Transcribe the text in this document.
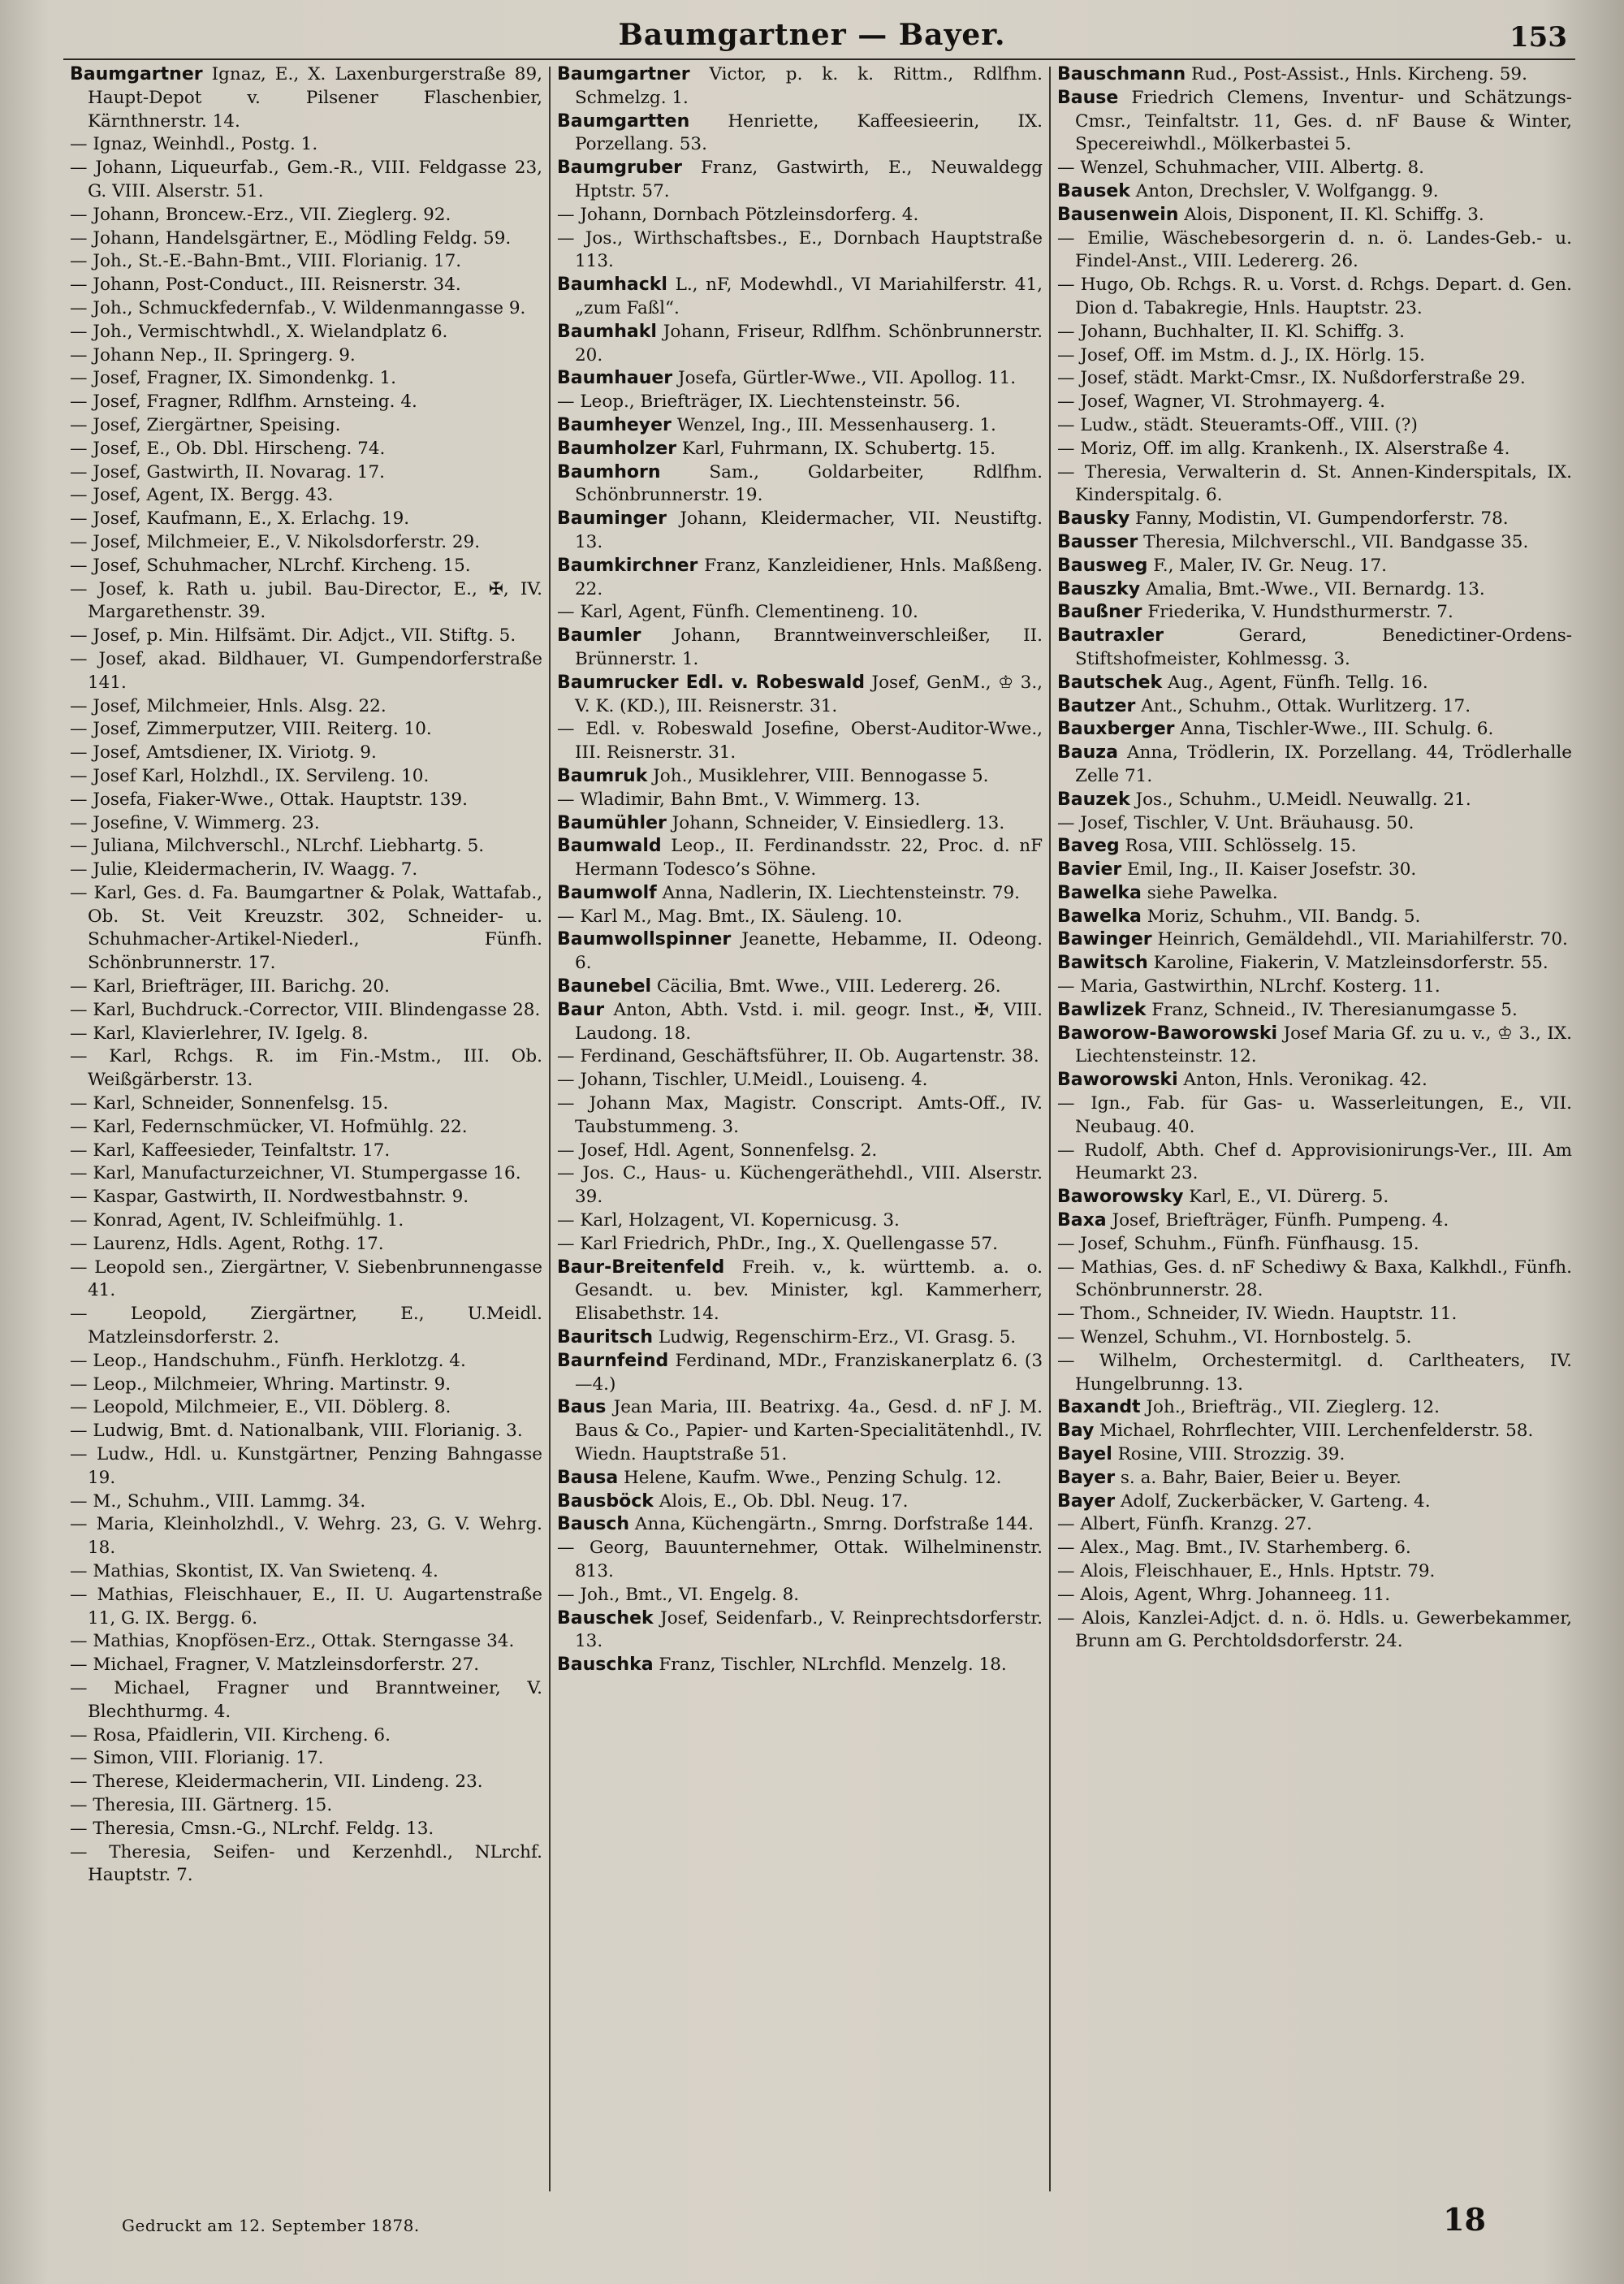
Baumgartner — Bayer.	153
Baumgartner Ignaz, E., X. Laxenburgerstraße 89, Haupt-Depot v. Pilsener Flaschenbier, Kärnthnerstr. 14.
— Ignaz, Weinhdl., Postg. 1.
— Johann, Liqueurfab., Gem.-R., VIII. Feldgasse 23, G. VIII. Alserstr. 51.
— Johann, Broncew.-Erz., VII. Zieglerg. 92.
— Johann, Handelsgärtner, E., Mödling Feldg. 59.
— Joh., St.-E.-Bahn-Bmt., VIII. Florianig. 17.
— Johann, Post-Conduct., III. Reisnerstr. 34.
— Joh., Schmuckfedernfab., V. Wildenmanngasse 9.
— Joh., Vermischtwhdl., X. Wielandplatz 6.
— Johann Nep., II. Springerg. 9.
— Josef, Fragner, IX. Simondenkg. 1.
— Josef, Fragner, Rdlfhm. Arnsteing. 4.
— Josef, Ziergärtner, Speising.
— Josef, E., Ob. Dbl. Hirscheng. 74.
— Josef, Gastwirth, II. Novarag. 17.
— Josef, Agent, IX. Bergg. 43.
— Josef, Kaufmann, E., X. Erlachg. 19.
— Josef, Milchmeier, E., V. Nikolsdorferstr. 29.
— Josef, Schuhmacher, NLrchf. Kircheng. 15.
— Josef, k. Rath u. jubil. Bau-Director, E., ✠, IV. Margarethenstr. 39.
— Josef, p. Min. Hilfsämt. Dir. Adjct., VII. Stiftg. 5.
— Josef, akad. Bildhauer, VI. Gumpendorferstraße 141.
— Josef, Milchmeier, Hnls. Alsg. 22.
— Josef, Zimmerputzer, VIII. Reiterg. 10.
— Josef, Amtsdiener, IX. Viriotg. 9.
— Josef Karl, Holzhdl., IX. Servileng. 10.
— Josefa, Fiaker-Wwe., Ottak. Hauptstr. 139.
— Josefine, V. Wimmerg. 23.
— Juliana, Milchverschl., NLrchf. Liebhartg. 5.
— Julie, Kleidermacherin, IV. Waagg. 7.
— Karl, Ges. d. Fa. Baumgartner & Polak, Wattafab., Ob. St. Veit Kreuzstr. 302, Schneider- u. Schuhmacher-Artikel-Niederl., Fünfh. Schönbrunnerstr. 17.
— Karl, Briefträger, III. Barichg. 20.
— Karl, Buchdruck.-Corrector, VIII. Blindengasse 28.
— Karl, Klavierlehrer, IV. Igelg. 8.
— Karl, Rchgs. R. im Fin.-Mstm., III. Ob. Weißgärberstr. 13.
— Karl, Schneider, Sonnenfelsg. 15.
— Karl, Federnschmücker, VI. Hofmühlg. 22.
— Karl, Kaffeesieder, Teinfaltstr. 17.
— Karl, Manufacturzeichner, VI. Stumpergasse 16.
— Kaspar, Gastwirth, II. Nordwestbahnstr. 9.
— Konrad, Agent, IV. Schleifmühlg. 1.
— Laurenz, Hdls. Agent, Rothg. 17.
— Leopold sen., Ziergärtner, V. Siebenbrunnengasse 41.
— Leopold, Ziergärtner, E., U.Meidl. Matzleinsdorferstr. 2.
— Leop., Handschuhm., Fünfh. Herklotzg. 4.
— Leop., Milchmeier, Whring. Martinstr. 9.
— Leopold, Milchmeier, E., VII. Döblerg. 8.
— Ludwig, Bmt. d. Nationalbank, VIII. Florianig. 3.
— Ludw., Hdl. u. Kunstgärtner, Penzing Bahngasse 19.
— M., Schuhm., VIII. Lammg. 34.
— Maria, Kleinholzhdl., V. Wehrg. 23, G. V. Wehrg. 18.
— Mathias, Skontist, IX. Van Swietenq. 4.
— Mathias, Fleischhauer, E., II. U. Augartenstraße 11, G. IX. Bergg. 6.
— Mathias, Knopfösen-Erz., Ottak. Sterngasse 34.
— Michael, Fragner, V. Matzleinsdorferstr. 27.
— Michael, Fragner und Branntweiner, V. Blechthurmg. 4.
— Rosa, Pfaidlerin, VII. Kircheng. 6.
— Simon, VIII. Florianig. 17.
— Therese, Kleidermacherin, VII. Lindeng. 23.
— Theresia, III. Gärtnerg. 15.
— Theresia, Cmsn.-G., NLrchf. Feldg. 13.
— Theresia, Seifen- und Kerzenhdl., NLrchf. Hauptstr. 7.
Baumgartner Victor, p. k. k. Rittm., Rdlfhm. Schmelzg. 1.
Baumgartten Henriette, Kaffeesieerin, IX. Porzellang. 53.
Baumgruber Franz, Gastwirth, E., Neuwaldegg Hptstr. 57.
— Johann, Dornbach Pötzleinsdorferg. 4.
— Jos., Wirthschaftsbes., E., Dornbach Hauptstraße 113.
Baumhackl L., nF, Modewhdl., VI Mariahilferstr. 41, „zum Faßl“.
Baumhakl Johann, Friseur, Rdlfhm. Schönbrunnerstr. 20.
Baumhauer Josefa, Gürtler-Wwe., VII. Apollog. 11.
— Leop., Briefträger, IX. Liechtensteinstr. 56.
Baumheyer Wenzel, Ing., III. Messenhauserg. 1.
Baumholzer Karl, Fuhrmann, IX. Schubertg. 15.
Baumhorn Sam., Goldarbeiter, Rdlfhm. Schönbrunnerstr. 19.
Bauminger Johann, Kleidermacher, VII. Neustiftg. 13.
Baumkirchner Franz, Kanzleidiener, Hnls. Maßßeng. 22.
— Karl, Agent, Fünfh. Clementineng. 10.
Baumler Johann, Branntweinverschleißer, II. Brünnerstr. 1.
Baumrucker Edl. v. Robeswald Josef, GenM., ♔ 3., V. K. (KD.), III. Reisnerstr. 31.
— Edl. v. Robeswald Josefine, Oberst-Auditor-Wwe., III. Reisnerstr. 31.
Baumruk Joh., Musiklehrer, VIII. Bennogasse 5.
— Wladimir, Bahn Bmt., V. Wimmerg. 13.
Baumühler Johann, Schneider, V. Einsiedlerg. 13.
Baumwald Leop., II. Ferdinandsstr. 22, Proc. d. nF Hermann Todesco’s Söhne.
Baumwolf Anna, Nadlerin, IX. Liechtensteinstr. 79.
— Karl M., Mag. Bmt., IX. Säuleng. 10.
Baumwollspinner Jeanette, Hebamme, II. Odeong. 6.
Baunebel Cäcilia, Bmt. Wwe., VIII. Ledererg. 26.
Baur Anton, Abth. Vstd. i. mil. geogr. Inst., ✠, VIII. Laudong. 18.
— Ferdinand, Geschäftsführer, II. Ob. Augartenstr. 38.
— Johann, Tischler, U.Meidl., Louiseng. 4.
— Johann Max, Magistr. Conscript. Amts-Off., IV. Taubstummeng. 3.
— Josef, Hdl. Agent, Sonnenfelsg. 2.
— Jos. C., Haus- u. Küchengeräthehdl., VIII. Alserstr. 39.
— Karl, Holzagent, VI. Kopernicusg. 3.
— Karl Friedrich, PhDr., Ing., X. Quellengasse 57.
Baur-Breitenfeld Freih. v., k. württemb. a. o. Gesandt. u. bev. Minister, kgl. Kammerherr, Elisabethstr. 14.
Bauritsch Ludwig, Regenschirm-Erz., VI. Grasg. 5.
Baurnfeind Ferdinand, MDr., Franziskanerplatz 6. (3—4.)
Baus Jean Maria, III. Beatrixg. 4a., Gesd. d. nF J. M. Baus & Co., Papier- und Karten-Specialitätenhdl., IV. Wiedn. Hauptstraße 51.
Bausa Helene, Kaufm. Wwe., Penzing Schulg. 12.
Bausböck Alois, E., Ob. Dbl. Neug. 17.
Bausch Anna, Küchengärtn., Smrng. Dorfstraße 144.
— Georg, Bauunternehmer, Ottak. Wilhelminenstr. 813.
— Joh., Bmt., VI. Engelg. 8.
Bauschek Josef, Seidenfarb., V. Reinprechtsdorferstr. 13.
Bauschka Franz, Tischler, NLrchfld. Menzelg. 18.
Bauschmann Rud., Post-Assist., Hnls. Kircheng. 59.
Bause Friedrich Clemens, Inventur- und Schätzungs-Cmsr., Teinfaltstr. 11, Ges. d. nF Bause & Winter, Specereiwhdl., Mölkerbastei 5.
— Wenzel, Schuhmacher, VIII. Albertg. 8.
Bausek Anton, Drechsler, V. Wolfgangg. 9.
Bausenwein Alois, Disponent, II. Kl. Schiffg. 3.
— Emilie, Wäschebesorgerin d. n. ö. Landes-Geb.- u. Findel-Anst., VIII. Ledererg. 26.
— Hugo, Ob. Rchgs. R. u. Vorst. d. Rchgs. Depart. d. Gen. Dion d. Tabakregie, Hnls. Hauptstr. 23.
— Johann, Buchhalter, II. Kl. Schiffg. 3.
— Josef, Off. im Mstm. d. J., IX. Hörlg. 15.
— Josef, städt. Markt-Cmsr., IX. Nußdorferstraße 29.
— Josef, Wagner, VI. Strohmayerg. 4.
— Ludw., städt. Steueramts-Off., VIII. (?)
— Moriz, Off. im allg. Krankenh., IX. Alserstraße 4.
— Theresia, Verwalterin d. St. Annen-Kinderspitals, IX. Kinderspitalg. 6.
Bausky Fanny, Modistin, VI. Gumpendorferstr. 78.
Bausser Theresia, Milchverschl., VII. Bandgasse 35.
Bausweg F., Maler, IV. Gr. Neug. 17.
Bauszky Amalia, Bmt.-Wwe., VII. Bernardg. 13.
Baußner Friederika, V. Hundsthurmerstr. 7.
Bautraxler Gerard, Benedictiner-Ordens-Stiftshofmeister, Kohlmessg. 3.
Bautschek Aug., Agent, Fünfh. Tellg. 16.
Bautzer Ant., Schuhm., Ottak. Wurlitzerg. 17.
Bauxberger Anna, Tischler-Wwe., III. Schulg. 6.
Bauza Anna, Trödlerin, IX. Porzellang. 44, Trödlerhalle Zelle 71.
Bauzek Jos., Schuhm., U.Meidl. Neuwallg. 21.
— Josef, Tischler, V. Unt. Bräuhausg. 50.
Baveg Rosa, VIII. Schlösselg. 15.
Bavier Emil, Ing., II. Kaiser Josefstr. 30.
Bawelka siehe Pawelka.
Bawelka Moriz, Schuhm., VII. Bandg. 5.
Bawinger Heinrich, Gemäldehdl., VII. Mariahilferstr. 70.
Bawitsch Karoline, Fiakerin, V. Matzleinsdorferstr. 55.
— Maria, Gastwirthin, NLrchf. Kosterg. 11.
Bawlizek Franz, Schneid., IV. Theresianumgasse 5.
Baworow-Baworowski Josef Maria Gf. zu u. v., ♔ 3., IX. Liechtensteinstr. 12.
Baworowski Anton, Hnls. Veronikag. 42.
— Ign., Fab. für Gas- u. Wasserleitungen, E., VII. Neubaug. 40.
— Rudolf, Abth. Chef d. Approvisionirungs-Ver., III. Am Heumarkt 23.
Baworowsky Karl, E., VI. Dürerg. 5.
Baxa Josef, Briefträger, Fünfh. Pumpeng. 4.
— Josef, Schuhm., Fünfh. Fünfhausg. 15.
— Mathias, Ges. d. nF Schediwy & Baxa, Kalkhdl., Fünfh. Schönbrunnerstr. 28.
— Thom., Schneider, IV. Wiedn. Hauptstr. 11.
— Wenzel, Schuhm., VI. Hornbostelg. 5.
— Wilhelm, Orchestermitgl. d. Carltheaters, IV. Hungelbrunng. 13.
Baxandt Joh., Briefträg., VII. Zieglerg. 12.
Bay Michael, Rohrflechter, VIII. Lerchenfelderstr. 58.
Bayel Rosine, VIII. Strozzig. 39.
Bayer s. a. Bahr, Baier, Beier u. Beyer.
Bayer Adolf, Zuckerbäcker, V. Garteng. 4.
— Albert, Fünfh. Kranzg. 27.
— Alex., Mag. Bmt., IV. Starhemberg. 6.
— Alois, Fleischhauer, E., Hnls. Hptstr. 79.
— Alois, Agent, Whrg. Johanneeg. 11.
— Alois, Kanzlei-Adjct. d. n. ö. Hdls. u. Gewerbekammer, Brunn am G. Perchtoldsdorferstr. 24.
Gedruckt am 12. September 1878.	18
